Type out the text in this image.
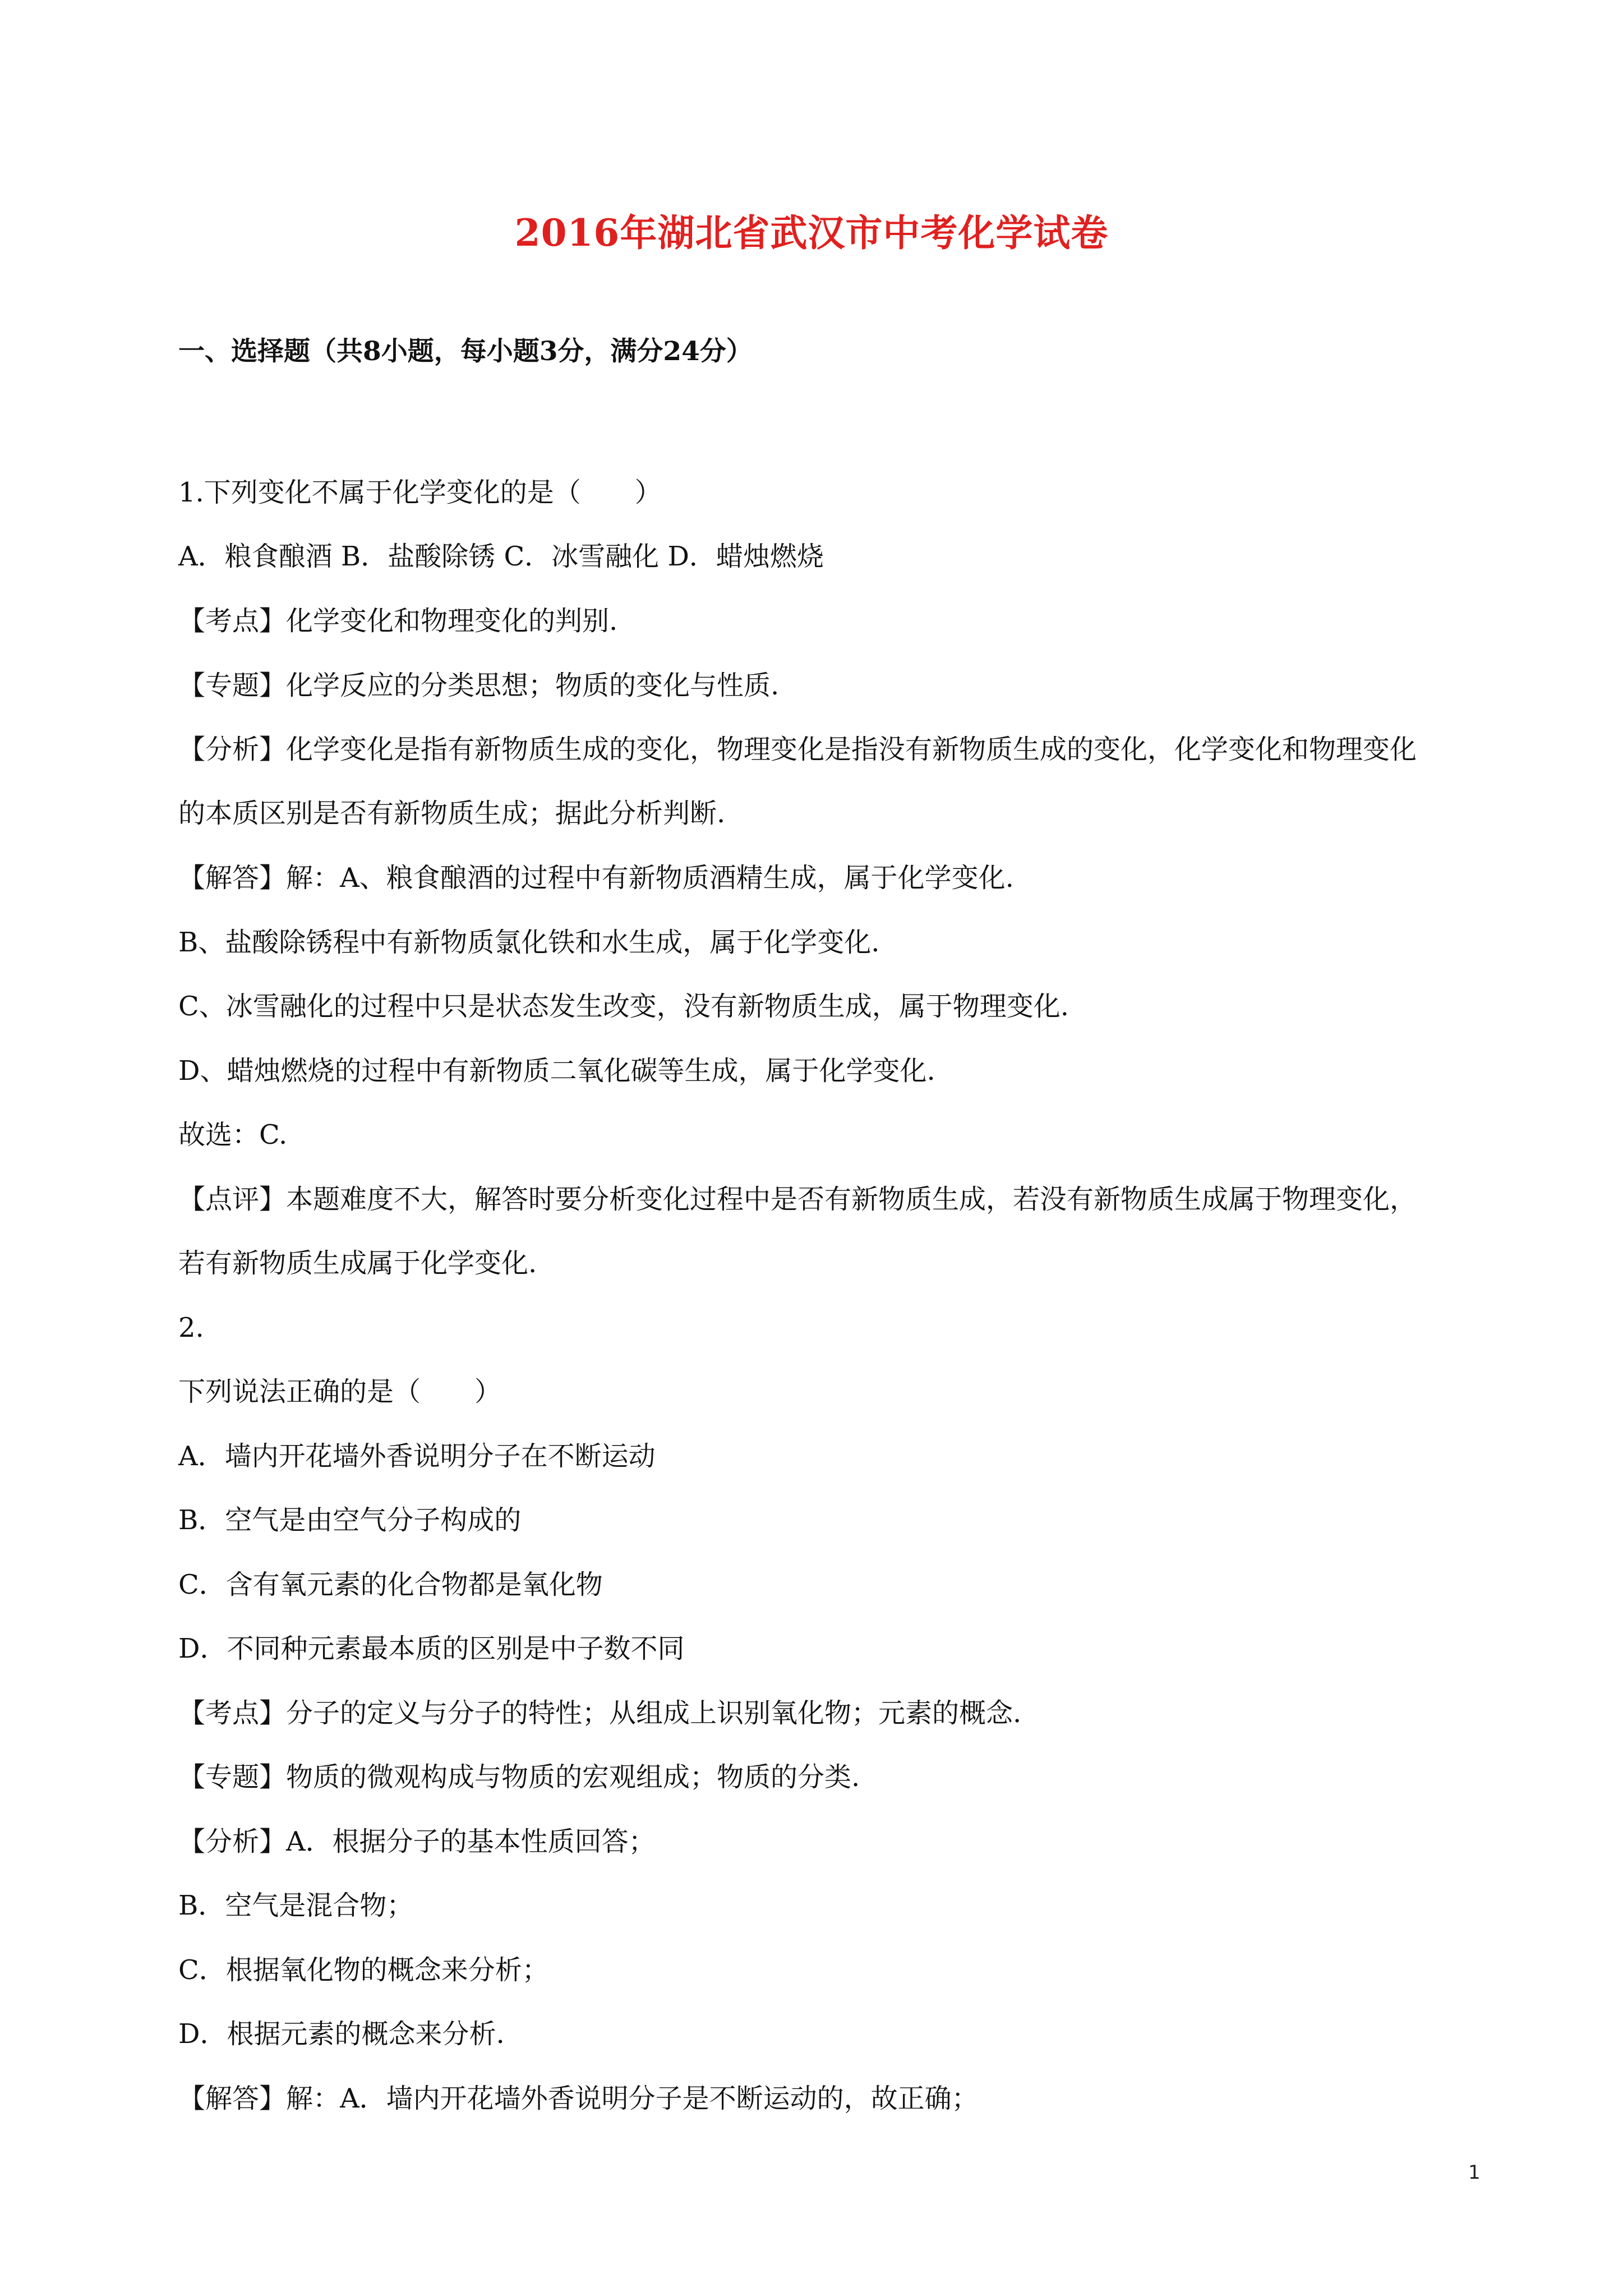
2016年湖北省武汉市中考化学试卷
一、选择题（共8小题，每小题3分，满分24分）
1.下列变化不属于化学变化的是（　　）
A．粮食酿酒 B．盐酸除锈 C．冰雪融化 D．蜡烛燃烧
【考点】化学变化和物理变化的判别.
【专题】化学反应的分类思想；物质的变化与性质.
【分析】化学变化是指有新物质生成的变化，物理变化是指没有新物质生成的变化，化学变化和物理变化
的本质区别是否有新物质生成；据此分析判断.
【解答】解：A、粮食酿酒的过程中有新物质酒精生成，属于化学变化.
B、盐酸除锈程中有新物质氯化铁和水生成，属于化学变化.
C、冰雪融化的过程中只是状态发生改变，没有新物质生成，属于物理变化.
D、蜡烛燃烧的过程中有新物质二氧化碳等生成，属于化学变化.
故选：C.
【点评】本题难度不大，解答时要分析变化过程中是否有新物质生成，若没有新物质生成属于物理变化，
若有新物质生成属于化学变化.
2.
下列说法正确的是（　　）
A．墙内开花墙外香说明分子在不断运动
B．空气是由空气分子构成的
C．含有氧元素的化合物都是氧化物
D．不同种元素最本质的区别是中子数不同
【考点】分子的定义与分子的特性；从组成上识别氧化物；元素的概念.
【专题】物质的微观构成与物质的宏观组成；物质的分类.
【分析】A．根据分子的基本性质回答；
B．空气是混合物；
C．根据氧化物的概念来分析；
D．根据元素的概念来分析.
【解答】解：A．墙内开花墙外香说明分子是不断运动的，故正确；
1
